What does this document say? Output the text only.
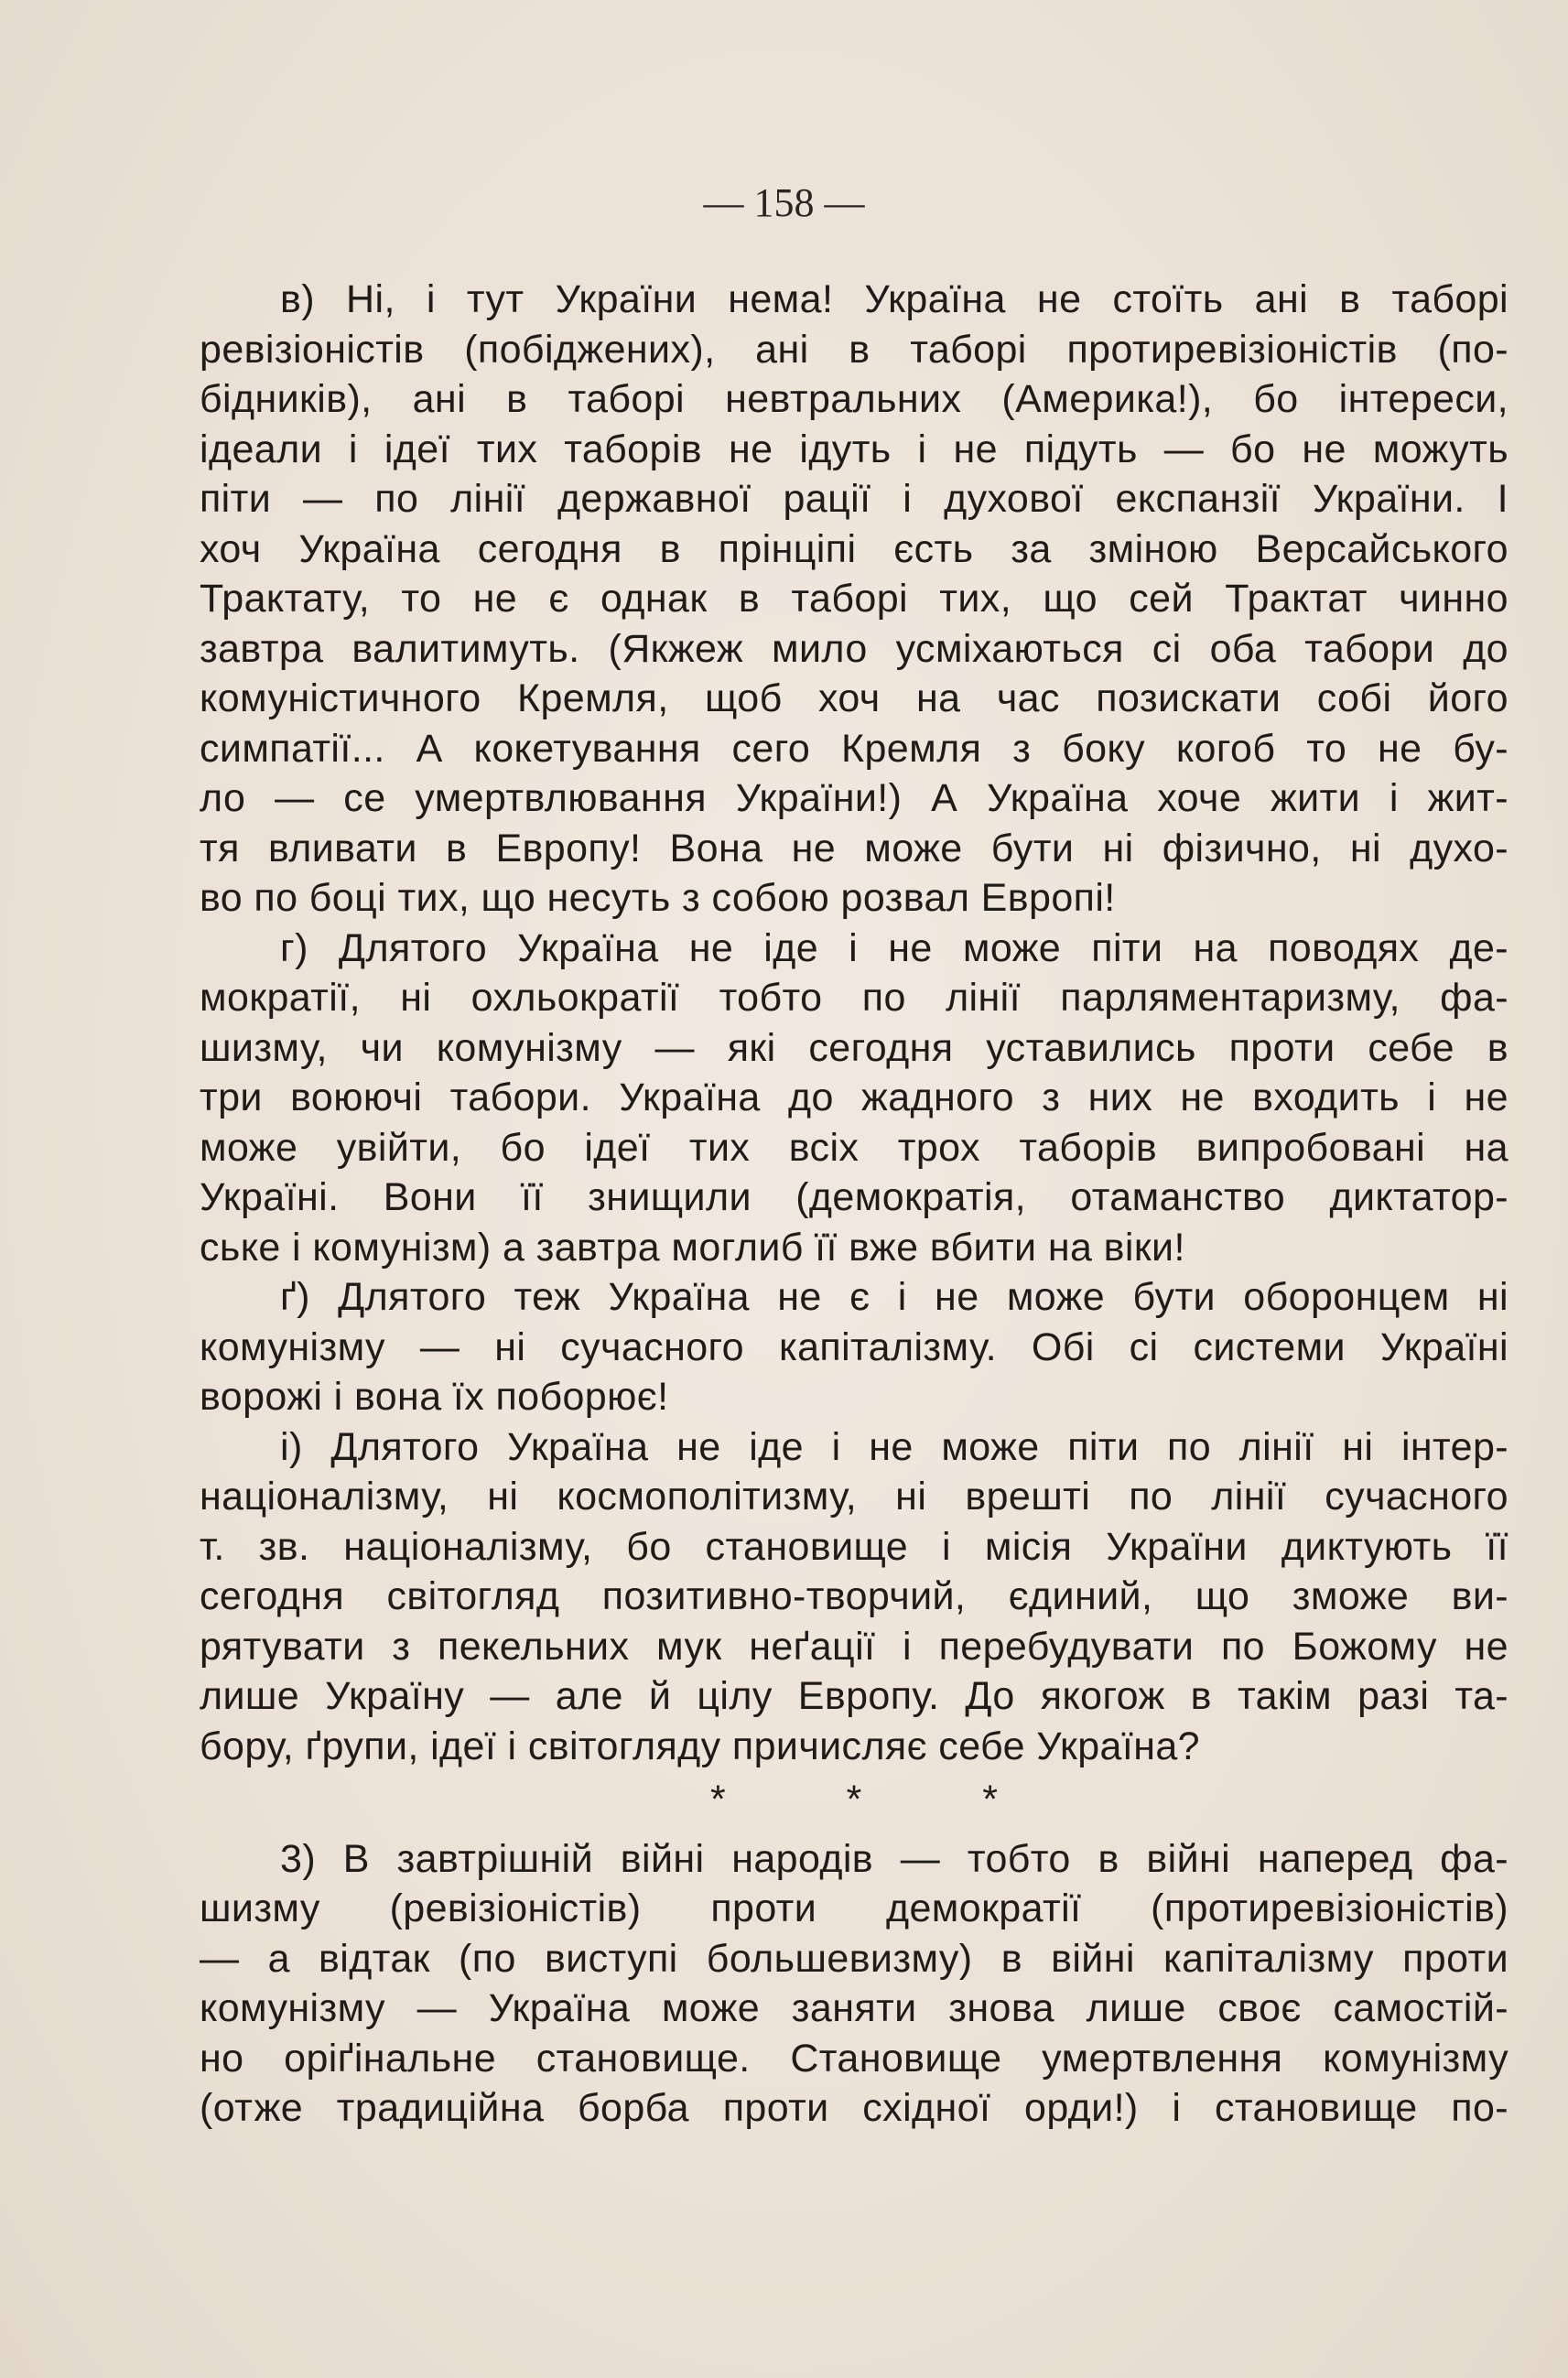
— 158 —
в) Ні, і тут України нема! Україна не стоїть ані в таборі
ревізіоністів (побіджених), ані в таборі протиревізіоністів (по-
бідників), ані в таборі невтральних (Америка!), бо інтереси,
ідеали і ідеї тих таборів не ідуть і не підуть — бо не можуть
піти — по лінії державної рації і духової експанзії України. І
хоч Україна сегодня в прінціпі єсть за зміною Версайського
Трактату, то не є однак в таборі тих, що сей Трактат чинно
завтра валитимуть. (Якжеж мило усміхаються сі оба табори до
комуністичного Кремля, щоб хоч на час позискати собі його
симпатії... А кокетування сего Кремля з боку когоб то не бу-
ло — се умертвлювання України!) А Україна хоче жити і жит-
тя вливати в Европу! Вона не може бути ні фізично, ні духо-
во по боці тих, що несуть з собою розвал Европі!
г) Длятого Україна не іде і не може піти на поводях де-
мократії, ні охльократії тобто по лінії парляментаризму, фа-
шизму, чи комунізму — які сегодня уставились проти себе в
три воюючі табори. Україна до жадного з них не входить і не
може увійти, бо ідеї тих всіх трох таборів випробовані на
Україні. Вони її знищили (демократія, отаманство диктатор-
ське і комунізм) а завтра моглиб її вже вбити на віки!
ґ) Длятого теж Україна не є і не може бути оборонцем ні
комунізму — ні сучасного капіталізму. Обі сі системи Україні
ворожі і вона їх поборює!
і) Длятого Україна не іде і не може піти по лінії ні інтер-
націоналізму, ні космополітизму, ні врешті по лінії сучасного
т. зв. націоналізму, бо становище і місія України диктують її
сегодня світогляд позитивно-творчий, єдиний, що зможе ви-
рятувати з пекельних мук неґації і перебудувати по Божому не
лише Україну — але й цілу Европу. До якогож в такім разі та-
бору, ґрупи, ідеї і світогляду причисляє себе Україна?
* * *
3) В завтрішній війні народів — тобто в війні наперед фа-
шизму (ревізіоністів) проти демократії (протиревізіоністів)
— а відтак (по виступі большевизму) в війні капіталізму проти
комунізму — Україна може заняти знова лише своє самостій-
но оріґінальне становище. Становище умертвлення комунізму
(отже традиційна борба проти східної орди!) і становище по-
